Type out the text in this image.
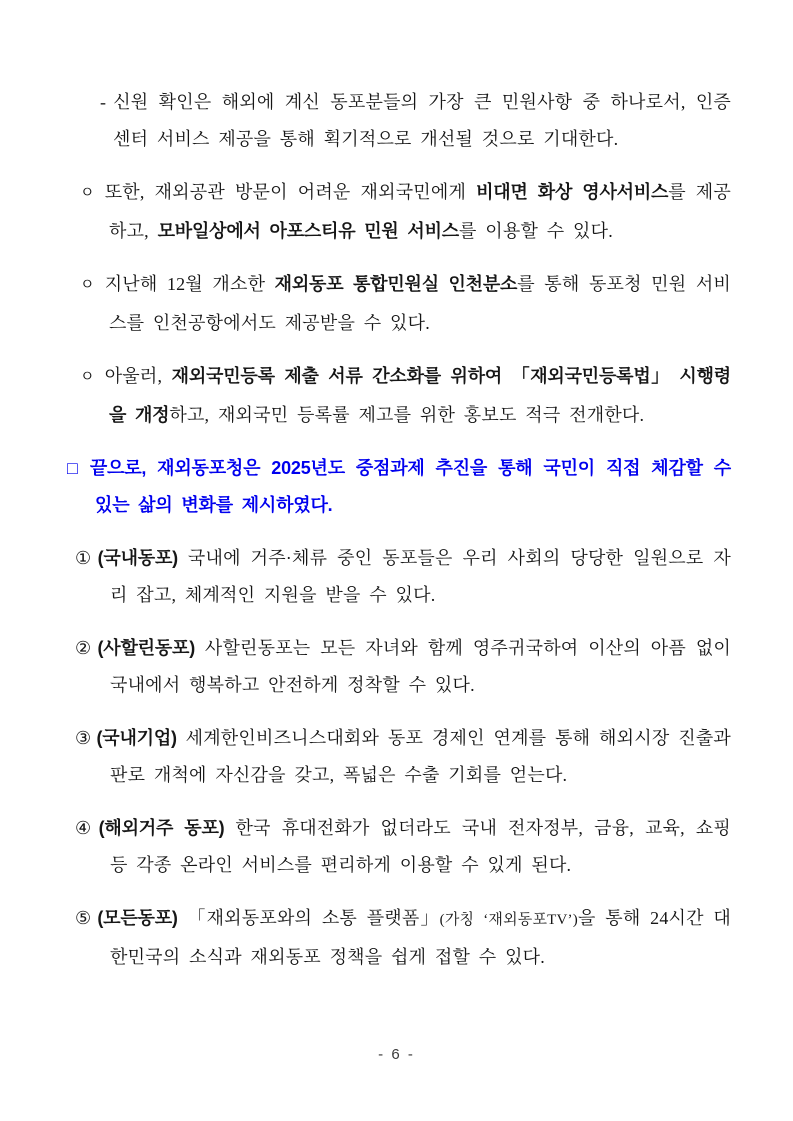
- 신원 확인은 해외에 계신 동포분들의 가장 큰 민원사항 중 하나로서, 인증센터 서비스 제공을 통해 획기적으로 개선될 것으로 기대한다.
ㅇ 또한, 재외공관 방문이 어려운 재외국민에게 비대면 화상 영사서비스를 제공하고, 모바일상에서 아포스티유 민원 서비스를 이용할 수 있다.
ㅇ 지난해 12월 개소한 재외동포 통합민원실 인천분소를 통해 동포청 민원 서비스를 인천공항에서도 제공받을 수 있다.
ㅇ 아울러, 재외국민등록 제출 서류 간소화를 위하여 「재외국민등록법」 시행령을 개정하고, 재외국민 등록률 제고를 위한 홍보도 적극 전개한다.
□ 끝으로, 재외동포청은 2025년도 중점과제 추진을 통해 국민이 직접 체감할 수 있는 삶의 변화를 제시하였다.
① (국내동포) 국내에 거주·체류 중인 동포들은 우리 사회의 당당한 일원으로 자리 잡고, 체계적인 지원을 받을 수 있다.
② (사할린동포) 사할린동포는 모든 자녀와 함께 영주귀국하여 이산의 아픔 없이 국내에서 행복하고 안전하게 정착할 수 있다.
③ (국내기업) 세계한인비즈니스대회와 동포 경제인 연계를 통해 해외시장 진출과 판로 개척에 자신감을 갖고, 폭넓은 수출 기회를 얻는다.
④ (해외거주 동포) 한국 휴대전화가 없더라도 국내 전자정부, 금융, 교육, 쇼핑 등 각종 온라인 서비스를 편리하게 이용할 수 있게 된다.
⑤ (모든동포) 「재외동포와의 소통 플랫폼」(가칭 ‘재외동포TV’)을 통해 24시간 대한민국의 소식과 재외동포 정책을 쉽게 접할 수 있다.
- 6 -
